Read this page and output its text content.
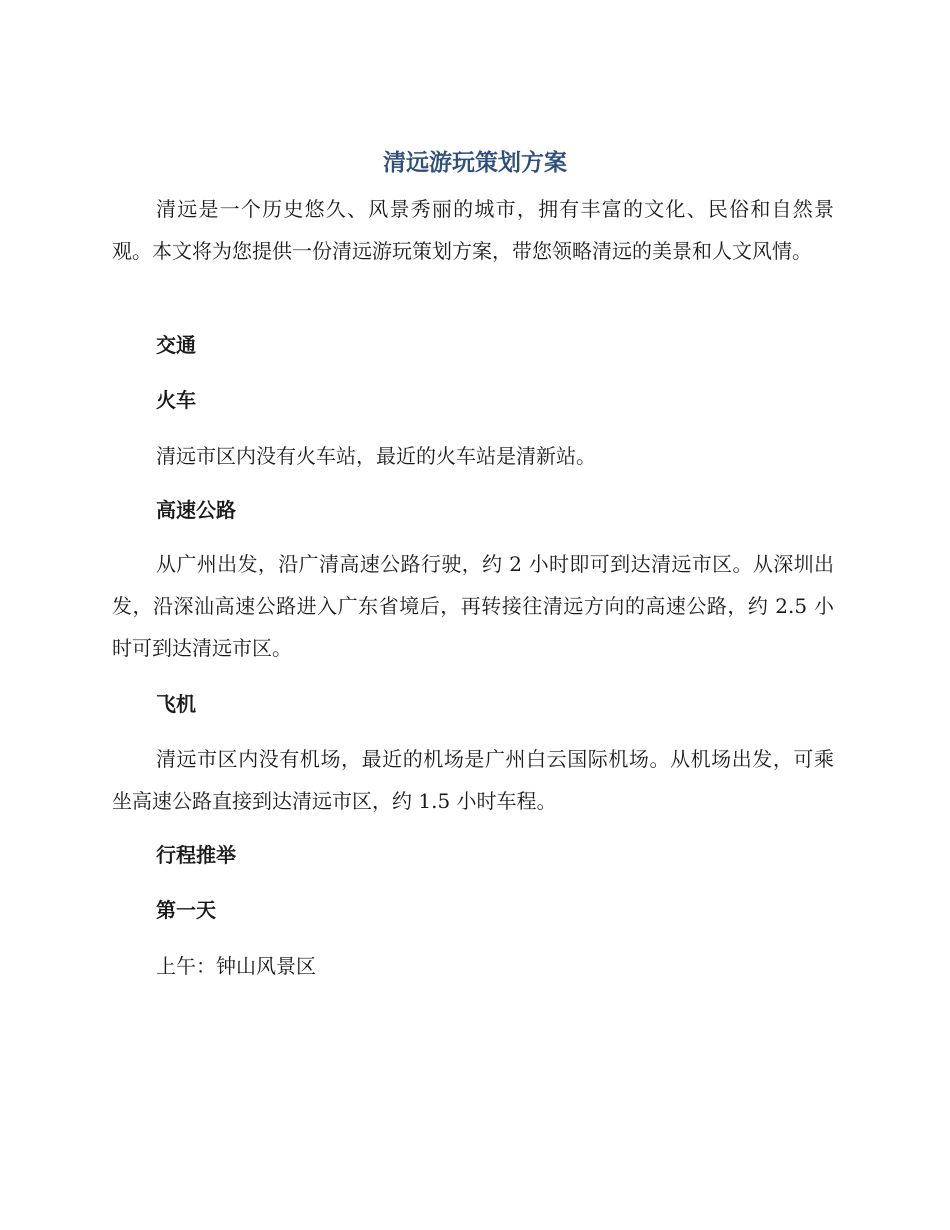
清远游玩策划方案

清远是一个历史悠久、风景秀丽的城市，拥有丰富的文化、民俗和自然景观。本文将为您提供一份清远游玩策划方案，带您领略清远的美景和人文风情。

交通
火车

清远市区内没有火车站，最近的火车站是清新站。

高速公路

从广州出发，沿广清高速公路行驶，约 2 小时即可到达清远市区。从深圳出发，沿深汕高速公路进入广东省境后，再转接往清远方向的高速公路，约 2.5 小时可到达清远市区。

飞机

清远市区内没有机场，最近的机场是广州白云国际机场。从机场出发，可乘坐高速公路直接到达清远市区，约 1.5 小时车程。

行程推举
第一天

上午：钟山风景区
